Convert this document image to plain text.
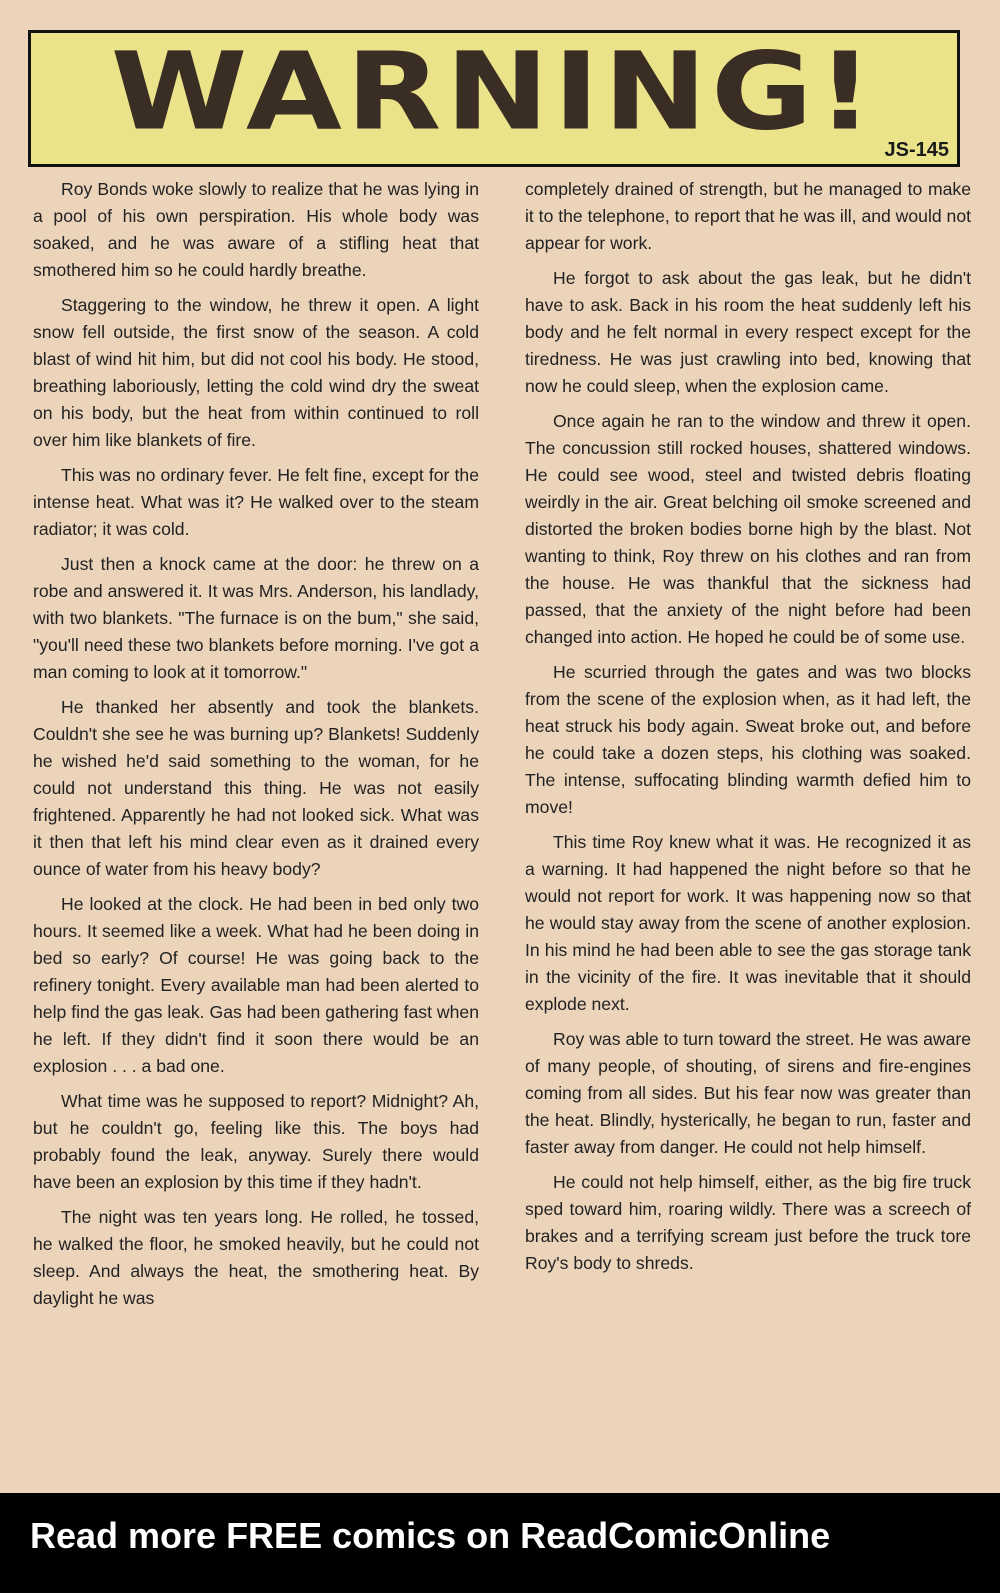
WARNING! JS-145

Roy Bonds woke slowly to realize that he was lying in a pool of his own perspiration. His whole body was soaked, and he was aware of a stifling heat that smothered him so he could hardly breathe.

Staggering to the window, he threw it open. A light snow fell outside, the first snow of the season. A cold blast of wind hit him, but did not cool his body. He stood, breathing laboriously, letting the cold wind dry the sweat on his body, but the heat from within continued to roll over him like blankets of fire.

This was no ordinary fever. He felt fine, except for the intense heat. What was it? He walked over to the steam radiator; it was cold.

Just then a knock came at the door: he threw on a robe and answered it. It was Mrs. Anderson, his landlady, with two blankets. "The furnace is on the bum," she said, "you'll need these two blankets before morning. I've got a man coming to look at it tomorrow."

He thanked her absently and took the blankets. Couldn't she see he was burning up? Blankets! Suddenly he wished he'd said something to the woman, for he could not understand this thing. He was not easily frightened. Apparently he had not looked sick. What was it then that left his mind clear even as it drained every ounce of water from his heavy body?

He looked at the clock. He had been in bed only two hours. It seemed like a week. What had he been doing in bed so early? Of course! He was going back to the refinery tonight. Every available man had been alerted to help find the gas leak. Gas had been gathering fast when he left. If they didn't find it soon there would be an explosion . . . a bad one.

What time was he supposed to report? Midnight? Ah, but he couldn't go, feeling like this. The boys had probably found the leak, anyway. Surely there would have been an explosion by this time if they hadn't.

The night was ten years long. He rolled, he tossed, he walked the floor, he smoked heavily, but he could not sleep. And always the heat, the smothering heat. By daylight he was

completely drained of strength, but he managed to make it to the telephone, to report that he was ill, and would not appear for work.

He forgot to ask about the gas leak, but he didn't have to ask. Back in his room the heat suddenly left his body and he felt normal in every respect except for the tiredness. He was just crawling into bed, knowing that now he could sleep, when the explosion came.

Once again he ran to the window and threw it open. The concussion still rocked houses, shattered windows. He could see wood, steel and twisted debris floating weirdly in the air. Great belching oil smoke screened and distorted the broken bodies borne high by the blast. Not wanting to think, Roy threw on his clothes and ran from the house. He was thankful that the sickness had passed, that the anxiety of the night before had been changed into action. He hoped he could be of some use.

He scurried through the gates and was two blocks from the scene of the explosion when, as it had left, the heat struck his body again. Sweat broke out, and before he could take a dozen steps, his clothing was soaked. The intense, suffocating blinding warmth defied him to move!

This time Roy knew what it was. He recognized it as a warning. It had happened the night before so that he would not report for work. It was happening now so that he would stay away from the scene of another explosion. In his mind he had been able to see the gas storage tank in the vicinity of the fire. It was inevitable that it should explode next.

Roy was able to turn toward the street. He was aware of many people, of shouting, of sirens and fire-engines coming from all sides. But his fear now was greater than the heat. Blindly, hysterically, he began to run, faster and faster away from danger. He could not help himself.

He could not help himself, either, as the big fire truck sped toward him, roaring wildly. There was a screech of brakes and a terrifying scream just before the truck tore Roy's body to shreds.

Read more FREE comics on ReadComicOnline
